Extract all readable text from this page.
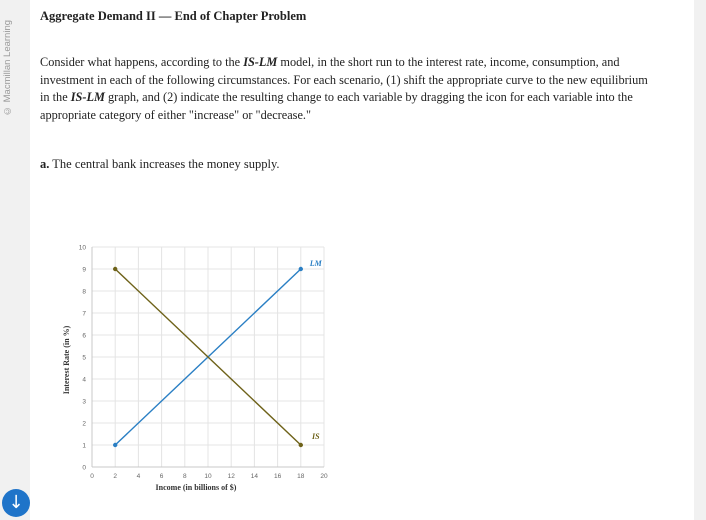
© Macmillan Learning
Aggregate Demand II — End of Chapter Problem
Consider what happens, according to the IS-LM model, in the short run to the interest rate, income, consumption, and investment in each of the following circumstances. For each scenario, (1) shift the appropriate curve to the new equilibrium in the IS-LM graph, and (2) indicate the resulting change to each variable by dragging the icon for each variable into the appropriate category of either "increase" or "decrease."
a. The central bank increases the money supply.
0
1
2
3
4
5
6
7
8
9
10
0	2	4	6	8	10 12 14 16 18 20
Income (in billions of $)
Interest Rate (in %)
LM
IS
↓
